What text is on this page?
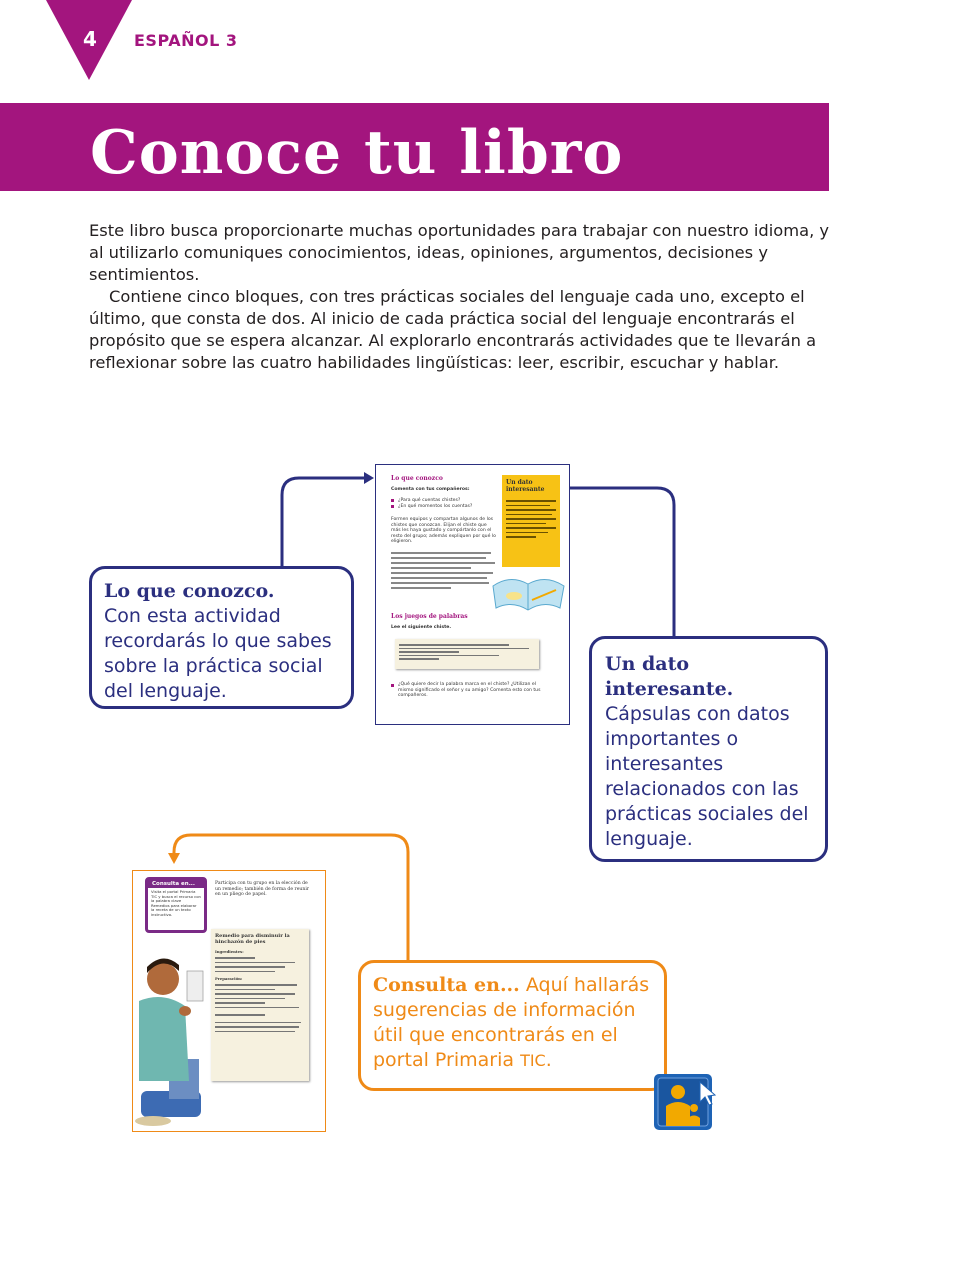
4 ESPAÑOL 3
Conoce tu libro

Este libro busca proporcionarte muchas oportunidades para trabajar con nuestro idioma, y al utilizarlo comuniques conocimientos, ideas, opiniones, argumentos, decisiones y sentimientos.

Contiene cinco bloques, con tres prácticas sociales del lenguaje cada uno, excepto el último, que consta de dos. Al inicio de cada práctica social del lenguaje encontrarás el propósito que se espera alcanzar. Al explorarlo encontrarás actividades que te llevarán a reflexionar sobre las cuatro habilidades lingüísticas: leer, escribir, escuchar y hablar.

Lo que conozco
Comenta con tus compañeros:
¿Para qué cuentas chistes?
¿En qué momentos los cuentas?
Formen equipos y compartan algunos de los chistes que conozcan. Elijan el chiste que más les haya gustado y compártanlo con el resto del grupo; además expliquen por qué lo eligieron.
Un dato interesante
Los juegos de palabras
Lee el siguiente chiste.
¿Qué quiere decir la palabra marca en el chiste? ¿Utilizan el mismo significado el señor y su amigo? Comenta esto con tus compañeros.
Consulta en...
Visita el portal Primaria TIC y busca el recurso con la palabra clave Remedios para elaborar la receta de un texto instructivo.
Participa con tu grupo en la elección de un remedio; también de forma de reunir en un pliego de papel.
Remedio para disminuir la hinchazón de pies
Ingredientes:
Preparación:
Lo que conozco.
Con esta actividad recordarás lo que sabes sobre la práctica social del lenguaje.
Un dato interesante.
Cápsulas con datos importantes o interesantes relacionados con las prácticas sociales del lenguaje.
Consulta en... Aquí hallarás sugerencias de información útil que encontrarás en el portal Primaria TIC.
